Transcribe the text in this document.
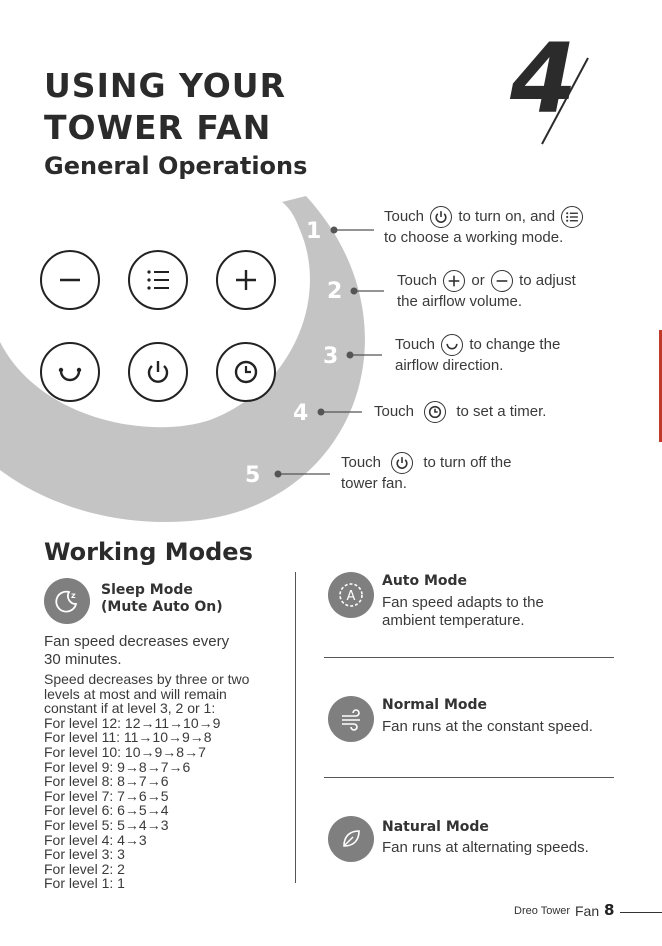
USING YOUR
TOWER FAN 4
General Operations
1
2
3
4
5
Touch to turn on, and

to choose a working mode.
Touch or to adjust
the airflow volume.
Touch to change the
airflow direction.
Touch	to set a timer.
Touch	to turn off the
tower fan.
Working Modes
z Sleep Mode
(Mute Auto On)
Fan speed decreases every
30 minutes.
Speed decreases by three or two
levels at most and will remain
constant if at level 3, 2 or 1:
For level 12: 12→11→10→9
For level 11: 11→10→9→8
For level 10: 10→9→8→7
For level 9: 9→8→7→6
For level 8: 8→7→6
For level 7: 7→6→5
For level 6: 6→5→4
For level 5: 5→4→3
For level 4: 4→3
For level 3: 3
For level 2: 2
For level 1: 1
A
Auto Mode
Fan speed adapts to the
ambient temperature.
Normal Mode
Fan runs at the constant speed.
Natural Mode
Fan runs at alternating speeds.
Dreo Tower Fan 8
